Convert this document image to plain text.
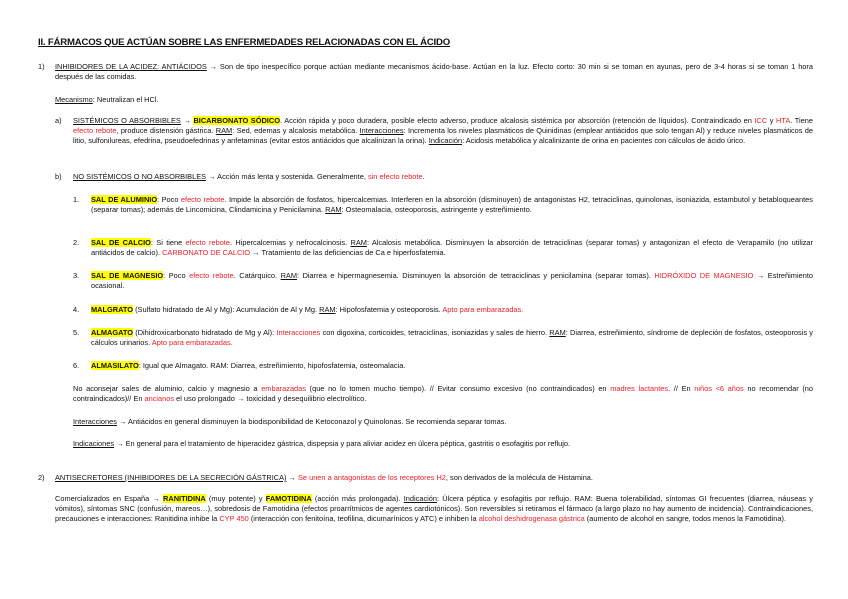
II. FÁRMACOS QUE ACTÚAN SOBRE LAS ENFERMEDADES RELACIONADAS CON EL ÁCIDO
1) INHIBIDORES DE LA ACIDEZ: ANTIÁCIDOS → Son de tipo inespecífico porque actúan mediante mecanismos ácido-base. Actúan en la luz. Efecto corto: 30 min si se toman en ayunas, pero de 3-4 horas si se toman 1 hora después de las comidas.

Mecanismo: Neutralizan el HCl.

a) SISTÉMICOS O ABSORBIBLES → BICARBONATO SÓDICO. Acción rápida y poco duradera, posible efecto adverso, produce alcalosis sistémica por absorción (retención de líquidos). Contraindicado en ICC y HTA. Tiene efecto rebote, produce distensión gástrica. RAM: Sed, edemas y alcalosis metabólica. Interacciones: Incrementa los niveles plasmáticos de Quinidinas (emplear antiácidos que solo tengan Al) y reduce niveles plasmáticos de litio, sulfonilureas, efedrina, pseudoefedrinas y anfetaminas (evitar estos antiácidos que alcalinizan la orina). Indicación: Acidosis metabólica y alcalinizante de orina en pacientes con cálculos de ácido úrico.

b) NO SISTÉMICOS O NO ABSORBIBLES → Acción más lenta y sostenida. Generalmente, sin efecto rebote.

1. SAL DE ALUMINIO: Poco efecto rebote. Impide la absorción de fosfatos, hipercalcemias. Interferen en la absorción (disminuyen) de antagonistas H2, tetraciclinas, quinolonas, isoniazida, estambutol y betabloqueantes (separar tomas); además de Lincomicina, Clindamicina y Penicilamina. RAM: Osteomalacia, osteoporosis, astringente y estreñimiento.

2. SAL DE CALCIO: Si tiene efecto rebote. Hipercalcemias y nefrocalcinosis. RAM: Alcalosis metabólica. Disminuyen la absorción de tetraciclinas (separar tomas) y antagonizan el efecto de Verapamilo (no utilizar antiácidos de calcio). CARBONATO DE CALCIO → Tratamiento de las deficiencias de Ca e hiperfosfatemia.

3. SAL DE MAGNESIO: Poco efecto rebote. Catárquico. RAM: Diarrea e hipermagnesemia. Disminuyen la absorción de tetraciclinas y penicilamina (separar tomas). HIDRÓXIDO DE MAGNESIO → Estreñimiento ocasional.

4. MALGRATO (Sulfato hidratado de Al y Mg): Acumulación de Al y Mg. RAM: Hipofosfatemia y osteoporosis. Apto para embarazadas.

5. ALMAGATO (Dihidroxicarbonato hidratado de Mg y Al): Interacciones con digoxina, corticoides, tetraciclinas, isoniazidas y sales de hierro. RAM: Diarrea, estreñimiento, síndrome de depleción de fosfatos, osteoporosis y cálculos urinarios. Apto para embarazadas.

6. ALMASILATO: Igual que Almagato. RAM: Diarrea, estreñimiento, hipofosfatemia, osteomalacia.

No aconsejar sales de aluminio, calcio y magnesio a embarazadas (que no lo tomen mucho tiempo). // Evitar consumo excesivo (no contraindicados) en madres lactantes. // En niños <6 años no recomendar (no contraindicados)// En ancianos el uso prolongado → toxicidad y desequilibrio electrolítico.

Interacciones → Antiácidos en general disminuyen la biodisponibilidad de Ketoconazol y Quinolonas. Se recomienda separar tomas.

Indicaciones → En general para el tratamiento de hiperacidez gástrica, dispepsia y para aliviar acidez en úlcera péptica, gastritis o esofagitis por reflujo.

2) ANTISECRETORES (INHIBIDORES DE LA SECRECIÓN GÁSTRICA) → Se unen a antagonistas de los receptores H2, son derivados de la molécula de Histamina.

Comercializados en España → RANITIDINA (muy potente) y FAMOTIDINA (acción más prolongada). Indicación: Úlcera péptica y esofagitis por reflujo. RAM: Buena tolerabilidad, síntomas GI frecuentes (diarrea, náuseas y vómitos), síntomas SNC (confusión, mareos…), sobredosis de Famotidina (efectos proarrítmicos de agentes cardiotónicos). Son reversibles si retiramos el fármaco (a largo plazo no hay aumento de incidencia). Contraindicaciones, precauciones e interacciones: Ranitidina inhibe la CYP 450 (interacción con fenitoína, teofilina, dicumarínicos y ATC) e inhiben la alcohol deshidrogenasa gástrica (aumento de alcohol en sangre, todos menos la Famotidina).
